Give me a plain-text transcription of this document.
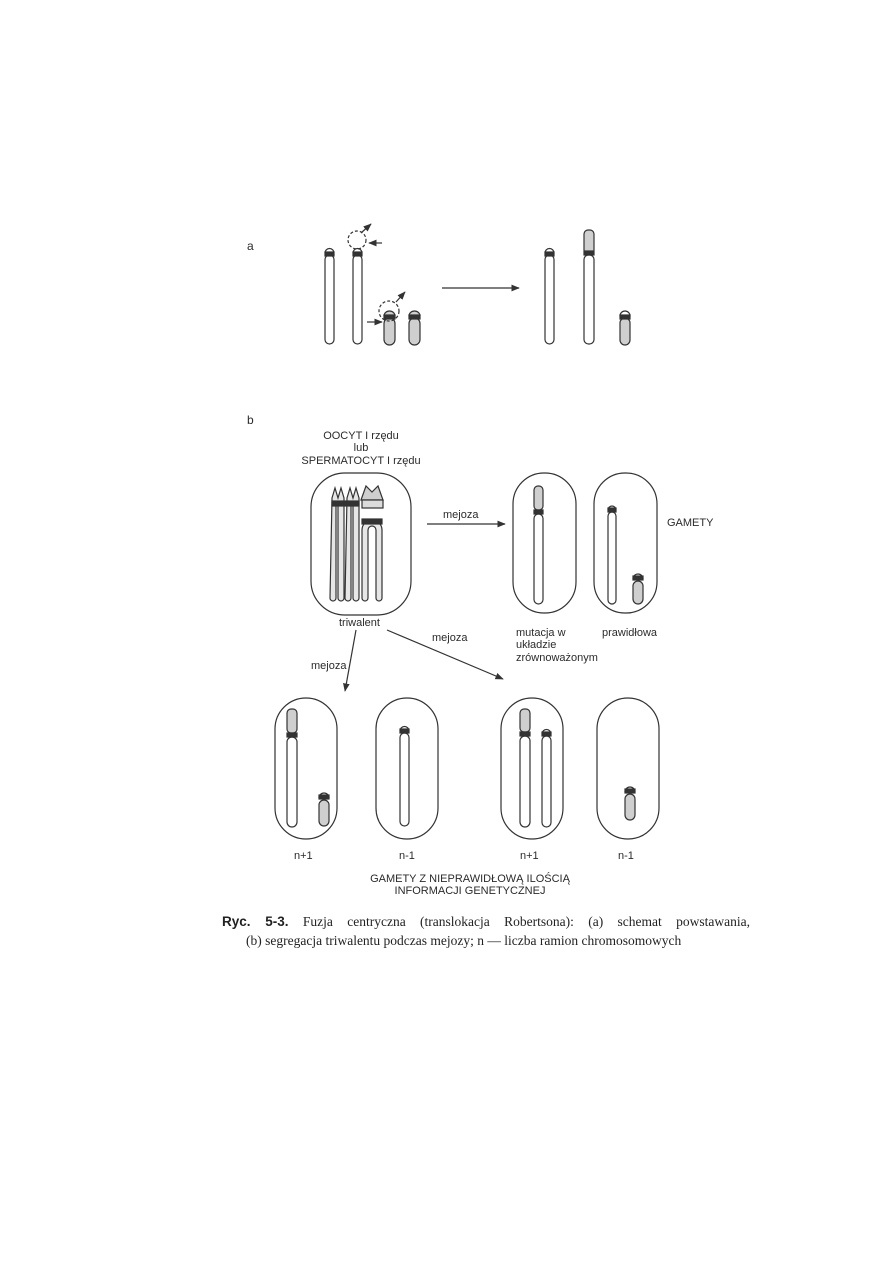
a
b
OOCYT I rzędu
lub
SPERMATOCYT I rzędu
triwalent
mejoza
mejoza
mejoza
GAMETY
mutacja w
układzie
zrównoważonym
prawidłowa
n+1	n-1	n+1	n-1
GAMETY Z NIEPRAWIDŁOWĄ ILOŚCIĄ
INFORMACJI GENETYCZNEJ
Ryc. 5-3. Fuzja centryczna (translokacja Robertsona): (a) schemat powstawania,
(b) segregacja triwalentu podczas mejozy; n — liczba ramion chromosomowych
